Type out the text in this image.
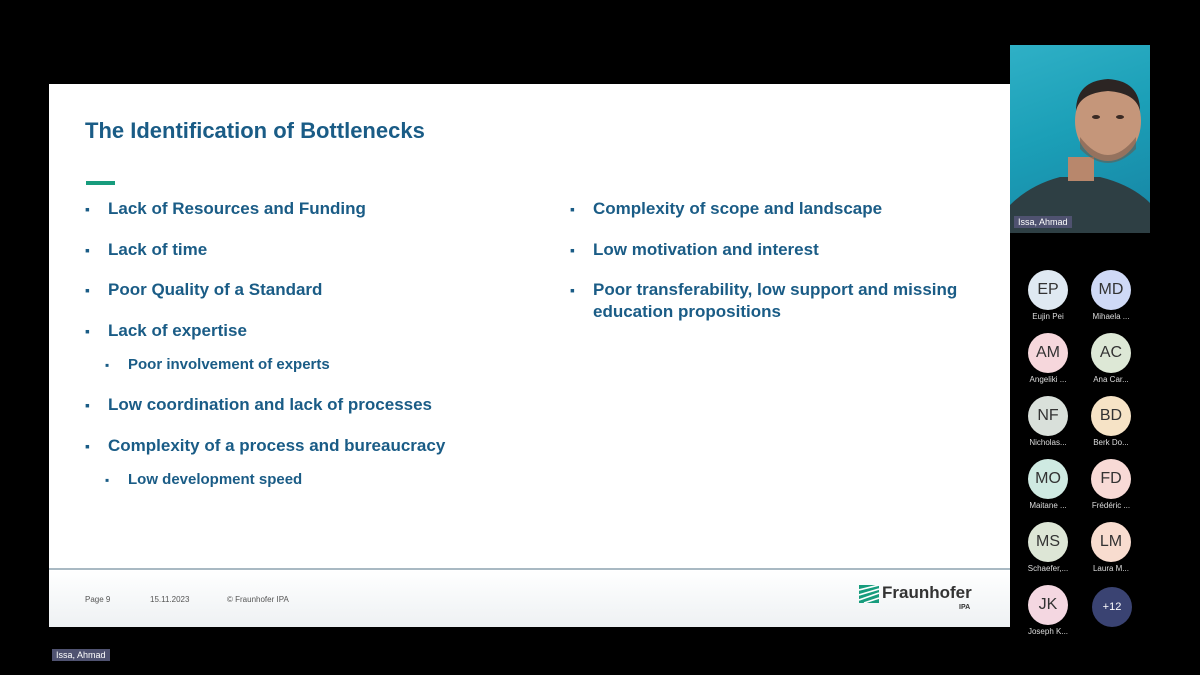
The Identification of Bottlenecks
▪ Lack of Resources and Funding
▪ Lack of time
▪ Poor Quality of a Standard
▪ Lack of expertise
▪ Poor involvement of experts
▪ Low coordination and lack of processes
▪ Complexity of a process and bureaucracy
▪ Low development speed
▪ Complexity of scope and landscape
▪ Low motivation and interest
▪ Poor transferability, low support and missing education propositions
Page 9	15.11.2023	© Fraunhofer IPA	Fraunhofer
IPA
Issa, Ahmad
EP
Eujin Pei
MD
Mihaela ...
AM
Angeliki ...
AC
Ana Car...
NF
Nicholas...
BD
Berk Do...
MO
Maitane ...
FD
Frédéric ...
MS
Schaefer,...
LM
Laura M...
JK
Joseph K...
+12
Issa, Ahmad
